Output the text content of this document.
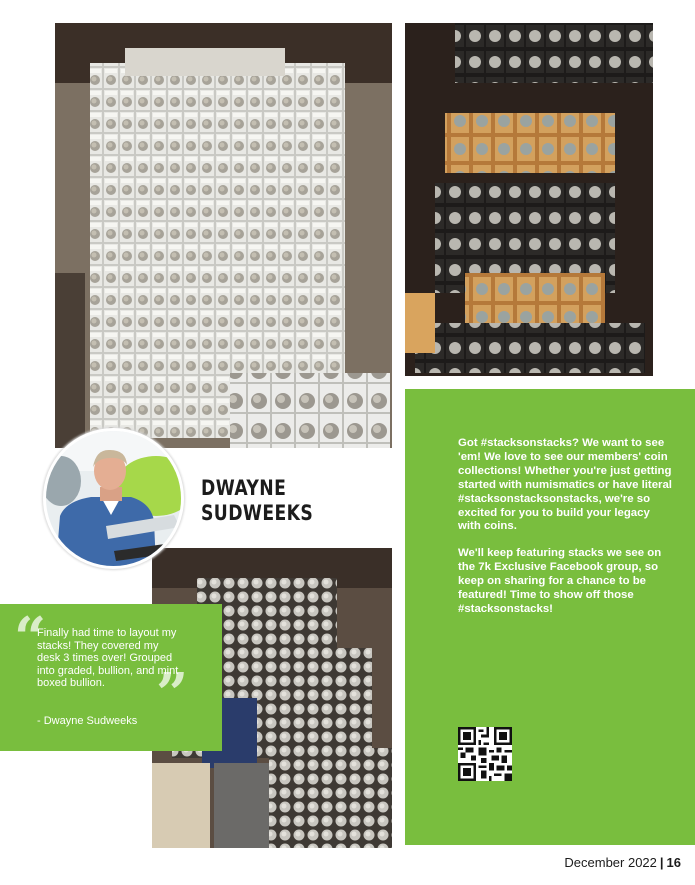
Got #stacksonstacks? We want to see 'em! We love to see our members' coin collections! Whether you're just getting started with numismatics or have literal #stacksonstacksonstacks, we're so excited for you to build your legacy with coins.

We'll keep featuring stacks we see on the 7k Exclusive Facebook group, so keep on sharing for a chance to be featured! Time to show off those #stacksonstacks!

DWAYNE
SUDWEEKS
“
”
Finally had time to layout my stacks! They covered my desk 3 times over! Grouped into graded, bullion, and mint boxed bullion.
- Dwayne Sudweeks
December 2022 | 16
